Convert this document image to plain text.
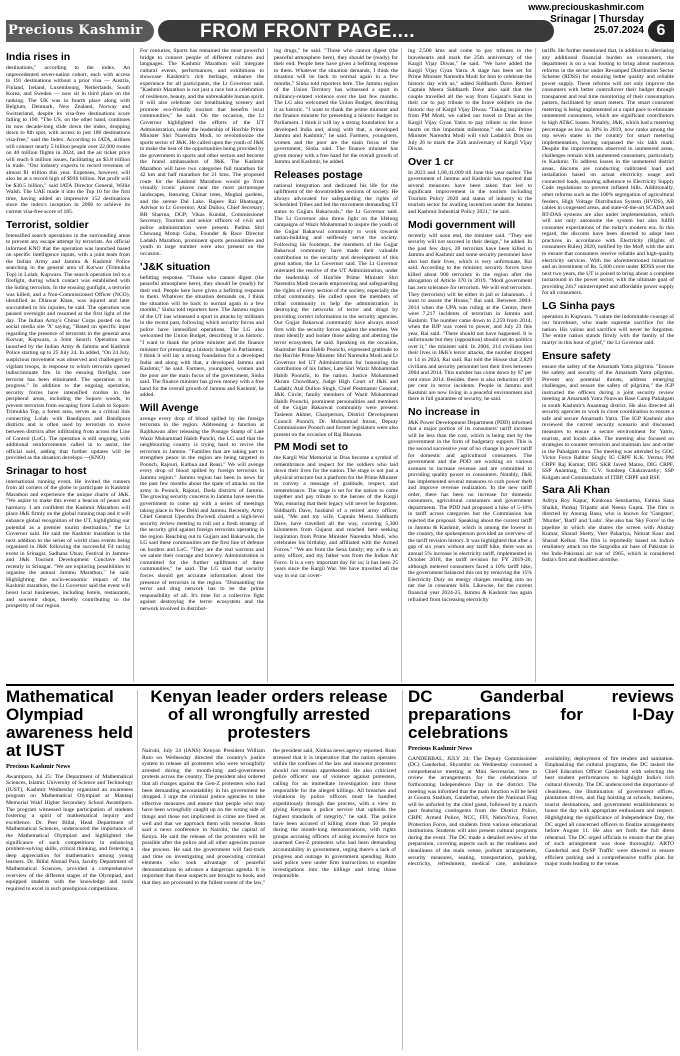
Precious Kashmir	FROM FRONT PAGE....
www.preciouskashmir.com
Srinagar | Thursday
25.07.2024 6
India rises in

destinations," according to the index. An unprecedented seven-nation cohort, each with access to 191 destinations without a prior visa — Austria, Finland, Ireland, Luxembourg, Netherlands, South Korea, and Sweden — now sit in third place on the ranking. The UK was in fourth place along with Belgium, Denmark, New Zealand, Norway and Switzerland, despite its visa-free destinations score falling to 190. "The US, on the other hand, continues its now decade-long slide down the index, dropping down to 8th spot, with access to just 186 destinations visa-free," said the Index. According to IATA, airlines will connect nearly 5 billion people over 22,000 routes on 40 million flights in 2024, and the air ticket price will reach 6 million issues, facilitating an $3.8 trillion in trade. "Our industry expects to record revenues of almost $1 trillion this year. Expenses, however, will also be at a record high of $936 billion. Net profit will be $30.5 billion," said IATA Director General, Willie Walsh. The UAE made it into the Top 10 for the first time, having added an impressive 152 destinations since the index's inception in 2006 to achieve its current visa-free score of 185.

Terrorist, soldier

Intensified search operations in the surrounding areas to prevent any escape attempt by terrorists. An official informed KNO that the operation was launched based on specific intelligence inputs, with a joint team from the Indian Army and Jammu & Kashmir Police searching in the general area of Korwar (Trimukha Top) in Lolab, Kupwara. The search operation led to a firefight, during which contact was established with the hiding terrorists. In the ensuing gunfight, a terrorist was killed, and a Non-Commissioned Officer (NCO), identified as Dilawar Khan, was injured and later succumbed to his injuries, he said. The operation was paused overnight and resumed at the first light of the day. The Indian Army's Chinar Corps posted on the social media site 'X' saying, "Based on specific input regarding the presence of terrorists in the general area Korwar, Kupwara, a Joint Search Operation was launched by the Indian Army & Jammu and Kashmir Police starting up to 25 July 24. In added, "On 24 July, suspicious movement was observed and challenged by vigilant troops, in response to which terrorists opened indiscriminate fire. In the ensuing firefight, one terrorist has been eliminated. The operation is in progress." In addition to the ongoing operation, security forces have intensified cordon in the peripheral areas, including the Sopore woods, to prevent terrorists from escaping from Lolab to Sopore. Trimukha Top, a forest area, serves as a critical link connecting Lolab with Bandipora and Bandipora districts and is often used by terrorists to move between districts after infiltrating from across the Line of Control (LoC). The operation is still ongoing, with additional reinforcements called in to assist, the official said, adding that further updates will be provided as the situation develops.—(KNO)

Srinagar to host

international running event. He invited the runners from all corners of the globe to participate in Kashmir Marathon and experience the unique charm of J&K. "We aspire to make this event a beacon of peace and harmony. I am confident the Kashmir Marathon will place J&K firmly on the global running map and it will enhance global recognition of the UT, highlighting our potential as a premier tourist destination," the Lt Governor said. He said the Kashmir marathon is the next addition to the series of world class events being organised in J&K following the successful F4 racing event in Srinagar, Sadhana Utsav, Festival in Jammu- and J&K Tourism Development Conclave held recently in Srinagar. "We are exploring possibilities to organise the annual Jammu Marathon," he said. Highlighting the socio-economic impact of the Kashmir marathon, the Lt Governor said the event will boost local businesses, including hotels, restaurants, and souvenir shops, thereby contributing to the prosperity of our region.

For centuries, Sports has remained the most powerful bridge to connect people of different cultures and languages. The Kashmir Marathon will integrate cultural events, performances, and exhibitions to showcase Kashmir's rich heritage, enhance the experience for all participants, the Lt Governor said. "Kashmir Marathon is not just a race but a celebration of resilience, beauty, and the unbreakable human spirit. It will also celebrate our breathtaking scenery and promote eco-friendly tourism that benefits local communities," he said. On the occasion, the Lt Governor highlighted the efforts of the UT Administration, under the leadership of Hon'ble Prime Minister Shri Narendra Modi, to revolutionize the sports sector of J&K. He called upon the youth of J&K to make the best of the opportunities being provided by the government in sports and other sectors and become the brand ambassadors of J&K. The Kashmir Marathon will have two categories full marathon for 42 km and half marathon for 21 kms. The proposed route for the Kashmir Marathon would go from visually iconic places near the most picturesque landscapes, featuring Chinar trees, Mughal gardens, and the serene Dal Lake. Rajeev Rai Bhatnagar, Advisor to Lt Governor; Atal Dulloo, Chief Secretary; BR Sharma, DGP; Vikas Kundal, Commissioner Secretary, Tourism and senior officers of civil and police administration were present. Padma Shri Chewang Motup Goba, Founder & Race Director Ladakh Marathon, prominent sports personalities and youth in large number were also present on the occasion.

'J&K situation

befitting response. "Those who cannot digest (the peaceful atmosphere here), they should be (ready) for their end. People here have given a befitting response to them. Whatever the situation demands on, I think the situation will be back to normal again in a few months," Sinha told reporters here. The Jammu region of the UT has witnessed a spurt in attacks by militants in the recent past, following which security forces and police have intensified operations. The LG also welcomed the Union Budget, describing it as historic. "I want to thank the prime minister and the finance minister for presenting a historic budget in Parliament. I think it will lay a strong foundation for a developed India and along with that, a developed Jammu and Kashmir," he said. Farmers, youngsters, women and the poor are the main focus of the government, Sinha said. The finance minister has given money with a free hand for the overall growth of Jammu and Kashmir, he added.

Will Avenge

avenge every drop of blood spilled by the foreign terrorists in the region. Addressing a function at Rajbhawan after releasing the Postage Stamp of Late Wazir Muhammad Habib Punchi, the LG said that the neighbouring country is trying hard to revive the terrorism in Jammu. "Families that are taking part to strengthen peace in the region are being targeted in Poonch, Rajouri, Kathua and Reasi." We will avenge every drop of blood spilled by foreign terrorists in Jammu region." Jammu region has been in news for the past few months about the spate of attacks on the army in Poonch, Rajouri, Doda districts of Jammu. The growing security concerns in Jammu have seen the government to come up with a series of meetings taking place in New Delhi and Jammu. Recently, Army Chief General Upendra Dwivedi chaired a high-level security review meeting to roll out a fresh strategy of the security grid against foreign terrorists operating in the region. Reaching out to Gujjars and Bakarwals, the LG said these communities are the first line of defense on borders and LoC. "They are the real warriors and we salute their courage and bravery. Administration is committed for the further upliftment of these communities," he said. The LG said that security forces should get accurate information about the presence of terrorists in the region. "Dismantling the terror and drug network has to be the prime responsibility of all. It's time for a collective fight against destroying the terror ecosystem and the network involved in distribut-

ing drugs," he said. "Those who cannot digest (the peaceful atmosphere here), they should be (ready) for their end. People here have given a befitting response to them. Whatever the situation demands, I think the situation will be back to normal again in a few months," Sinha told reporters here. The Jammu region of the Union Territory has witnessed a spurt in militancy-related violence over the last few months. The LG also welcomed the Union Budget, describing it as historic. "I want to thank the prime minister and the finance minister for presenting a historic budget in Parliament. I think it will lay a strong foundation for a developed India and, along with that, a developed Jammu and Kashmir," he said. Farmers, youngsters, women and the poor are the main focus of the government, Sinha said. The finance minister has given money with a free hand for the overall growth of Jammu and Kashmir, he added.

Releases postage

national integration and dedicated his life for the upliftment of the downtrodden sections of society. He always advocated for safeguarding the rights of Scheduled Tribes and led the movement demanding ST status to Gujjars Bakarwals," the Lt Governor said. The Lt Governor also threw light on the lifelong campaigns of Wazir Mohammad to inspire the youth of the Gujjar Bakarwal community to work towards nation-building and selflessly serve the society. Following his footsteps, the members of the Gujjar Bakarwal community have made their valuable contribution to the security and development of this great nation, the Lt Governor said. The Lt Governor reiterated the resolve of the UT Administration, under the leadership of Hon'ble Prime Minister Shri Narendra Modi towards empowering and safeguarding the rights of every section of the society, especially the tribal community. He called upon the members of tribal community to help the administration in destroying the networks of terror and drugs by providing correct information to the security agencies. Our Gujjar Bakarwal community have always stood firm with the security forces against the enemies. We must identify and isolate those aiding and abetting the terror ecosystem, he said. Speaking on the occasion, Shamsher Rana Habib Poonchi, expressed gratitude to the Hon'ble Prime Minister Shri Narendra Modi and Lt Governor led UT Administration for honouring the contribution of his father, Late Shri Wazir Mohammad Habib Poonchi, to the nation. Justice Mohammed Akram Chowdhary, Judge High Court of J&K and Ladakh; Atal Dulloo Singh, Chief Postmaster General, J&K Circle; family members of Wazir Mohammad Habib Poonchi, prominent personalities and members of the Gujjar Bakarwal community were present. Tasleem Akhter, Chairperson, District Development Council Poonch; Dr. Mohammad Imran, Deputy Commissioner Poonch and former legislators were also present on the occasion of Raj Bhawan.

PM Modi set to

the Kargil War Memorial in Dras become a symbol of remembrance and respect for the soldiers who laid down their lives for the nation. The stage is not just a physical structure but a platform for the Prime Minister to convey a message of gratitude, respect, and remembrance. The stage is set for the nation to come together and pay tribute to the heroes of the Kargil War, ensuring that their legacy will never be forgotten. Siddharth Dave, husband of a retired army officer, said, "Me and my wife, Captain Meera Siddharth Dave, have travelled all the way, covering 5,300 kilometers from Gujarat and reached here seeking inspiration from Prime Minister Narendra Modi, who celebrates his birthday, and affiliated with the Armed Forces." "We are from the Sena family; my wife is an army officer, and my father was from the Indian Air Force. It is a very important day for us; it has been 25 years since the Kargil War. We have travelled all the way in our car cover-

ing 2,500 kms and come to pay tributes to the bravehearts and mark the 25th anniversary of the Kargil Vijay Diwas," he said. "We have added the Kargil Vijay Gyan Yatra. A stage has been set for Prime Minister Narendra Modi for him to celebrate the historic day with us," added Siddharth Dave. Retired Captain Meera Siddharth Dave also said that the couple travelled all the way from Gujarat's Surat in their car to pay tribute to the brave soldiers on the historic day of Kargil Vijay Diwas. "Taking inspiration from PM Modi, we called our travel to Dras as the Kargil Vijay Gyan Yatra to pay tribute to the brave hearts on this important milestone," she said. Prime Minister Narendra Modi will visit Ladakh's Dras on July 26 to mark the 25th anniversary of Kargil Vijay Diwas.

Over 1 cr

In 2023 and 1,08,41,009 till June this year earlier. The government of Jammu and Kashmir has reported that several measures have been taken that led to significant improvement in the tourism including Tourism Policy 2020 and status of industry to the tourism sector for availing incentives under the Jammu and Kashmir Industrial Policy 2021," he said.

Modi government will

recently will soon end, the minister said. "They use security will not succeed in their design," he added. In the past few days, 28 terrorists have been killed in Jammu and Kashmir and some security personnel have also lost their lives, which is very unfortunate, Rai said. According to the minister, security forces have killed about 900 terrorists in the region after the abrogation of Article 370 in 2019. "Modi government has zero tolerance for terrorism. We will end terrorism. They (terrorists) will be either in jail or Jahannum... I want to assure the House," Rai said. Between 2004-2014 when the UPA was ruling at the Centre, there were 7,217 incidents of terrorism in Jammu and Kashmir. The number came down to 2,259 from 2014, when the BJP was voted to power, and July 23 this year, Rai said. "There should not have happened. It is unfortunate but they (opposition) should not do politics over it," the minister said. In 2004, 214 civilians lost their lives in J&K's terror attacks, the number dropped to 14 in 2024, Rai said. Rai told the House that 2,829 civilians and security personnel lost their lives between 2004 and 2014. This number has come down by 67 per cent since 2014. Besides, there is also reduction of 69 per cent in terror incidents. People in Jammu and Kashmir are now living in a peaceful environment and there is full guarantee of security, he said.

No increase in

J&K Power Development Department (PDD) informed that a major portion of its consumers' tariff increase will be less than the cost, which is being met by the government in the form of budgetary support. This is the second successive year of no change in power tariff for domestic and agricultural consumers. The government and the PDD are working on various avenues to increase revenue and are committed to providing quality power to consumers. Notably, J&K has implemented several measures to curb power theft and improve revenue realization. In the new tariff order, there has been no increase for domestic consumers, agricultural consumers and government departments. The PDD had proposed a hike of 5-10% in tariff across categories but the Commission has rejected the proposal. Speaking about the current tariff in Jammu & Kashmir, which is among the lowest in the country, the spokesperson provided an overview of the tariff revision history. It was highlighted that after a gap of six years without any tariff hike, there was an annual 5% increase in electricity tariff, implemented in October 2018, the tariff revision for FY 2019-20, although metered consumers faced a 10% tariff hike, the government balanced this out by removing the 15% Electricity Duty on energy charges resulting into no net rise in consumer bills. Likewise, for the current financial year 2024-25, Jammu & Kashmir has again refrained from increasing electricity

tariffs. He further mentioned that, in addition to alleviating any additional financial burden on consumers, the department is on a war footing to bring about numerous reforms in the sector under Revamped Distribution Sector Scheme (RDSS) for ensuring better quality and reliable power supply. These reforms will not only improve the consumers with better controllover their budget through transparent and real time monitoring of their consumption pattern, facilitated by smart meters. The smart consumer metering is being implemented at a rapid pace to eliminate unmetered consumers, which are significant contributors to high AT&C losses. Notably, J&K, which had a metering percentage as low as 30% in 2019, now ranks among the top seven states in the country for smart metering implementation, having surpassed the six lakh mark. Despite the improvements observed in unmetered areas, challenges remain with unmetered consumers, particularly in Kashmir. To address losses in the unmetered district areas, discoms are conducting calibrated load and installation based on actual electricity usage and connected loads, ensuring adherence to Electricity Supply Code regulations to prevent inflated bills. Additionally, other reforms such as the 100% segregation of agricultural feeders, High Voltage Distribution System (HVDS), AB cables in congested areas, and state-of-the-art SCADA and RT-DAS systems are also under implementation, which will not only autonome the system but also fulfill consumer expectations of the today's modern era. In this regard, the discoms have been directed to adopt best practices in accordance with Electricity (Rights of consumers Rules) 2020, notified by the MoP, with the aim to ensure that consumers receive reliable and high-quality electricity services. With the aforementioned initiatives and an investment of Rs. 5,600 crore under RDSS over the next two years, the UT is poised to bring about a complete turnaround in the power sector, with the ultimate goal of providing 24x7 uninterrupted and affordable power supply for all consumers.

LG Sinha pays

operation in Kupwara. "I salute the indomitable courage of our braveheart, who made supreme sacrifice for the nation. His valour and sacrifice will never be forgotten. The entire nation stands firmly with the family of the martyr in this hour of grief," the Lt Governor said.

Ensure safety

ensure the safety of the Amarnath Yatra pilgrims. "Ensure the safety and security of the Amarnath Yatra pilgrims. Prevent any potential threats, address emerging challenges, and ensure the safety of pilgrims," the IGP instructed the officers during a joint security review meeting at Amarnath Yatra Nunwan Base Camp Pahalgam in south Kashmir's Anantnag district. He also directed all security agencies to work in close coordination to ensure a safe and secure Amarnath Yatra. The IGP Kashmir also reviewed the current security scenario and discussed measures to ensure a secure environment for Yatris, tourists, and locals alike. The meeting also focused on strategies to counter terrorism and maintain law and order in the Pahalgam area. The meeting was attended by GOC Victor Force Rabbir Singh; IG CRPF K.K. Verma; PM CRPF Raj Kumar; DIG SKR Javed Matoo, DIG CRPF, SSP Anantnag, Dr. G.V. Sundeep Chakravarthy; SSP Kulgam and Commandants of ITBP, CRPF and BSF.

Sara Ali Khan

Aditya Roy Kapur, Konkona Sensharma, Fatima Sana Shaikh, Pankaj Tripathi and Neena Gupta. The film is directed by Anurag Basu, who is known for 'Gangster', 'Murder', 'Barfi' and 'Ludo'. She also has 'Sky Force' in the pipeline in which she shares the screen with Akshay Kumar, Sharad Shetty, Veer Pahariya, Nimrat Kaur and Sharad Kelkar. The film is reportedly based on India's retaliatory attack on the Sargodha air base of Pakistan in the Indo-Pakistani air war of 1965, which is considered India's first and deadliest airstrike.

Mathematical Olympiad awareness held at IUST
Precious Kashmir News

Awantipora, Jul 25: The Department of Mathematical Sciences, Islamic University of Science and Technology (IUST), Kashmir Wednesday organized an awareness program on Mathematical Olympiad at Mantaqi Memorial Wakf Higher Secondary School Awantipora. The program witnessed huge participation of students fostering a spirit of mathematical inquiry and excellence. Dr. Peer Billal, Head Department of Mathematical Sciences, underscored the importance of the Mathematical Olympiad and highlighted the significance of such competitions in enhancing problem-solving skills, critical thinking, and fostering a deep appreciation for mathematics among young learners. Dr. Billal Ahmad Para, faculty Department of Mathematical Sciences, provided a comprehensive overview of the different stages of the Olympiad, and equipped students with the knowledge and tools required to excel in such prestigious competitions.

Kenyan leader orders release of all wrongfully arrested protesters

Nairobi, July 24 (IANS) Kenyan President William Ruto on Wednesday directed the country's justice system to release all protesters who were wrongfully arrested during the month-long anti-government protests across the country. The president also ordered that all charges against the Gen-Z protesters who had been demanding accountability in his government be dropped. I urge the criminal justice agencies to take effective measures and ensure that people who may have been wrongfully caught up on the wrong side of things and those not implicated in crime are freed as well and that we approach them with remorse. Ruto said a news conference in Nairobi, the capital of Kenya. He said the release of the protesters will be possible after the police and all other agencies pursue due process. He said the government will fast-track and time on investigating and prosecuting criminal elements who took advantage of peaceful demonstrations to advance a dangerous agenda. It is important that those suspects are brought to book, and that they are processed to the fullest extent of the law," the president said, Xinhua news agency reported. Ruto stressed that it is imperative that the nation operates within the confines of the law and innocent protesters should not remain apprehended. He also criticized police officers' use of violence against protesters, calling for an immediate investigation into those responsible for the alleged killings. All breaches and violations by police officers must be handled expeditiously through due process, with a view to giving Kenyans a police service that upholds the highest standards of integrity," he said. The police have been accused of killing more than 50 people during the month-long demonstrations, with rights groups accusing officers of using excessive force on unarmed Gen-Z protesters who had been demanding accountability in government, urging there's a lack of progress and outrage in government spending. Ruto said police were under firm instructions to expedite investigations into the killings and bring those responsible.

DC Ganderbal reviews preparations for I-Day celebrations
Precious Kashmir News

GANDERBAL, JULY 24: The Deputy Commissioner (DC) Ganderbal, Shyambir on Wednesday convened a comprehensive meeting at Mini Secretariat, here to review the arrangements for the celebrations of forthcoming Independence Day in the district. The meeting was informed that the main function will be held at Gounta Stadium, Ganderbal, where the National Flag will be unfurled by the chief guest, followed by a march past featuring contingents from the District Police, CRPF, Armed Police, NCC, FFI, NehruYuva, Forest Protection Force, and students from various educational institutions. Students will also present cultural programs during the event. The DC made a detailed review of the preparation, covering aspects such as the readiness and cleanliness of the main venue, podium arrangements, security measures, seating, transportation, parking, electricity, refreshment, medical care, ambulance availability, deployment of fire tenders and sanitation. Emphasizing the cultural programs, the DC tasked the Chief Education Officer Ganderbal with selecting the best student performances to highlight India's rich cultural diversity. The DC underscored the importance of cleanliness, the illumination of government offices, plantation drives, and flag hoisting at schools, business, tourist destinations, and government establishments to honor the day with appropriate enthusiasm and respect. Highlighting the significance of Independence Day, the DC urged all concerned officers to finalize arrangements before August 11. He also set forth the full dress rehearsal. The DC urged officials to ensure that the plan of such arrangement was done thoroughly. ARTO Ganderbal and DySP Traffic were directed to ensure efficient parking and a comprehensive traffic plan for major roads leading to the venue.
